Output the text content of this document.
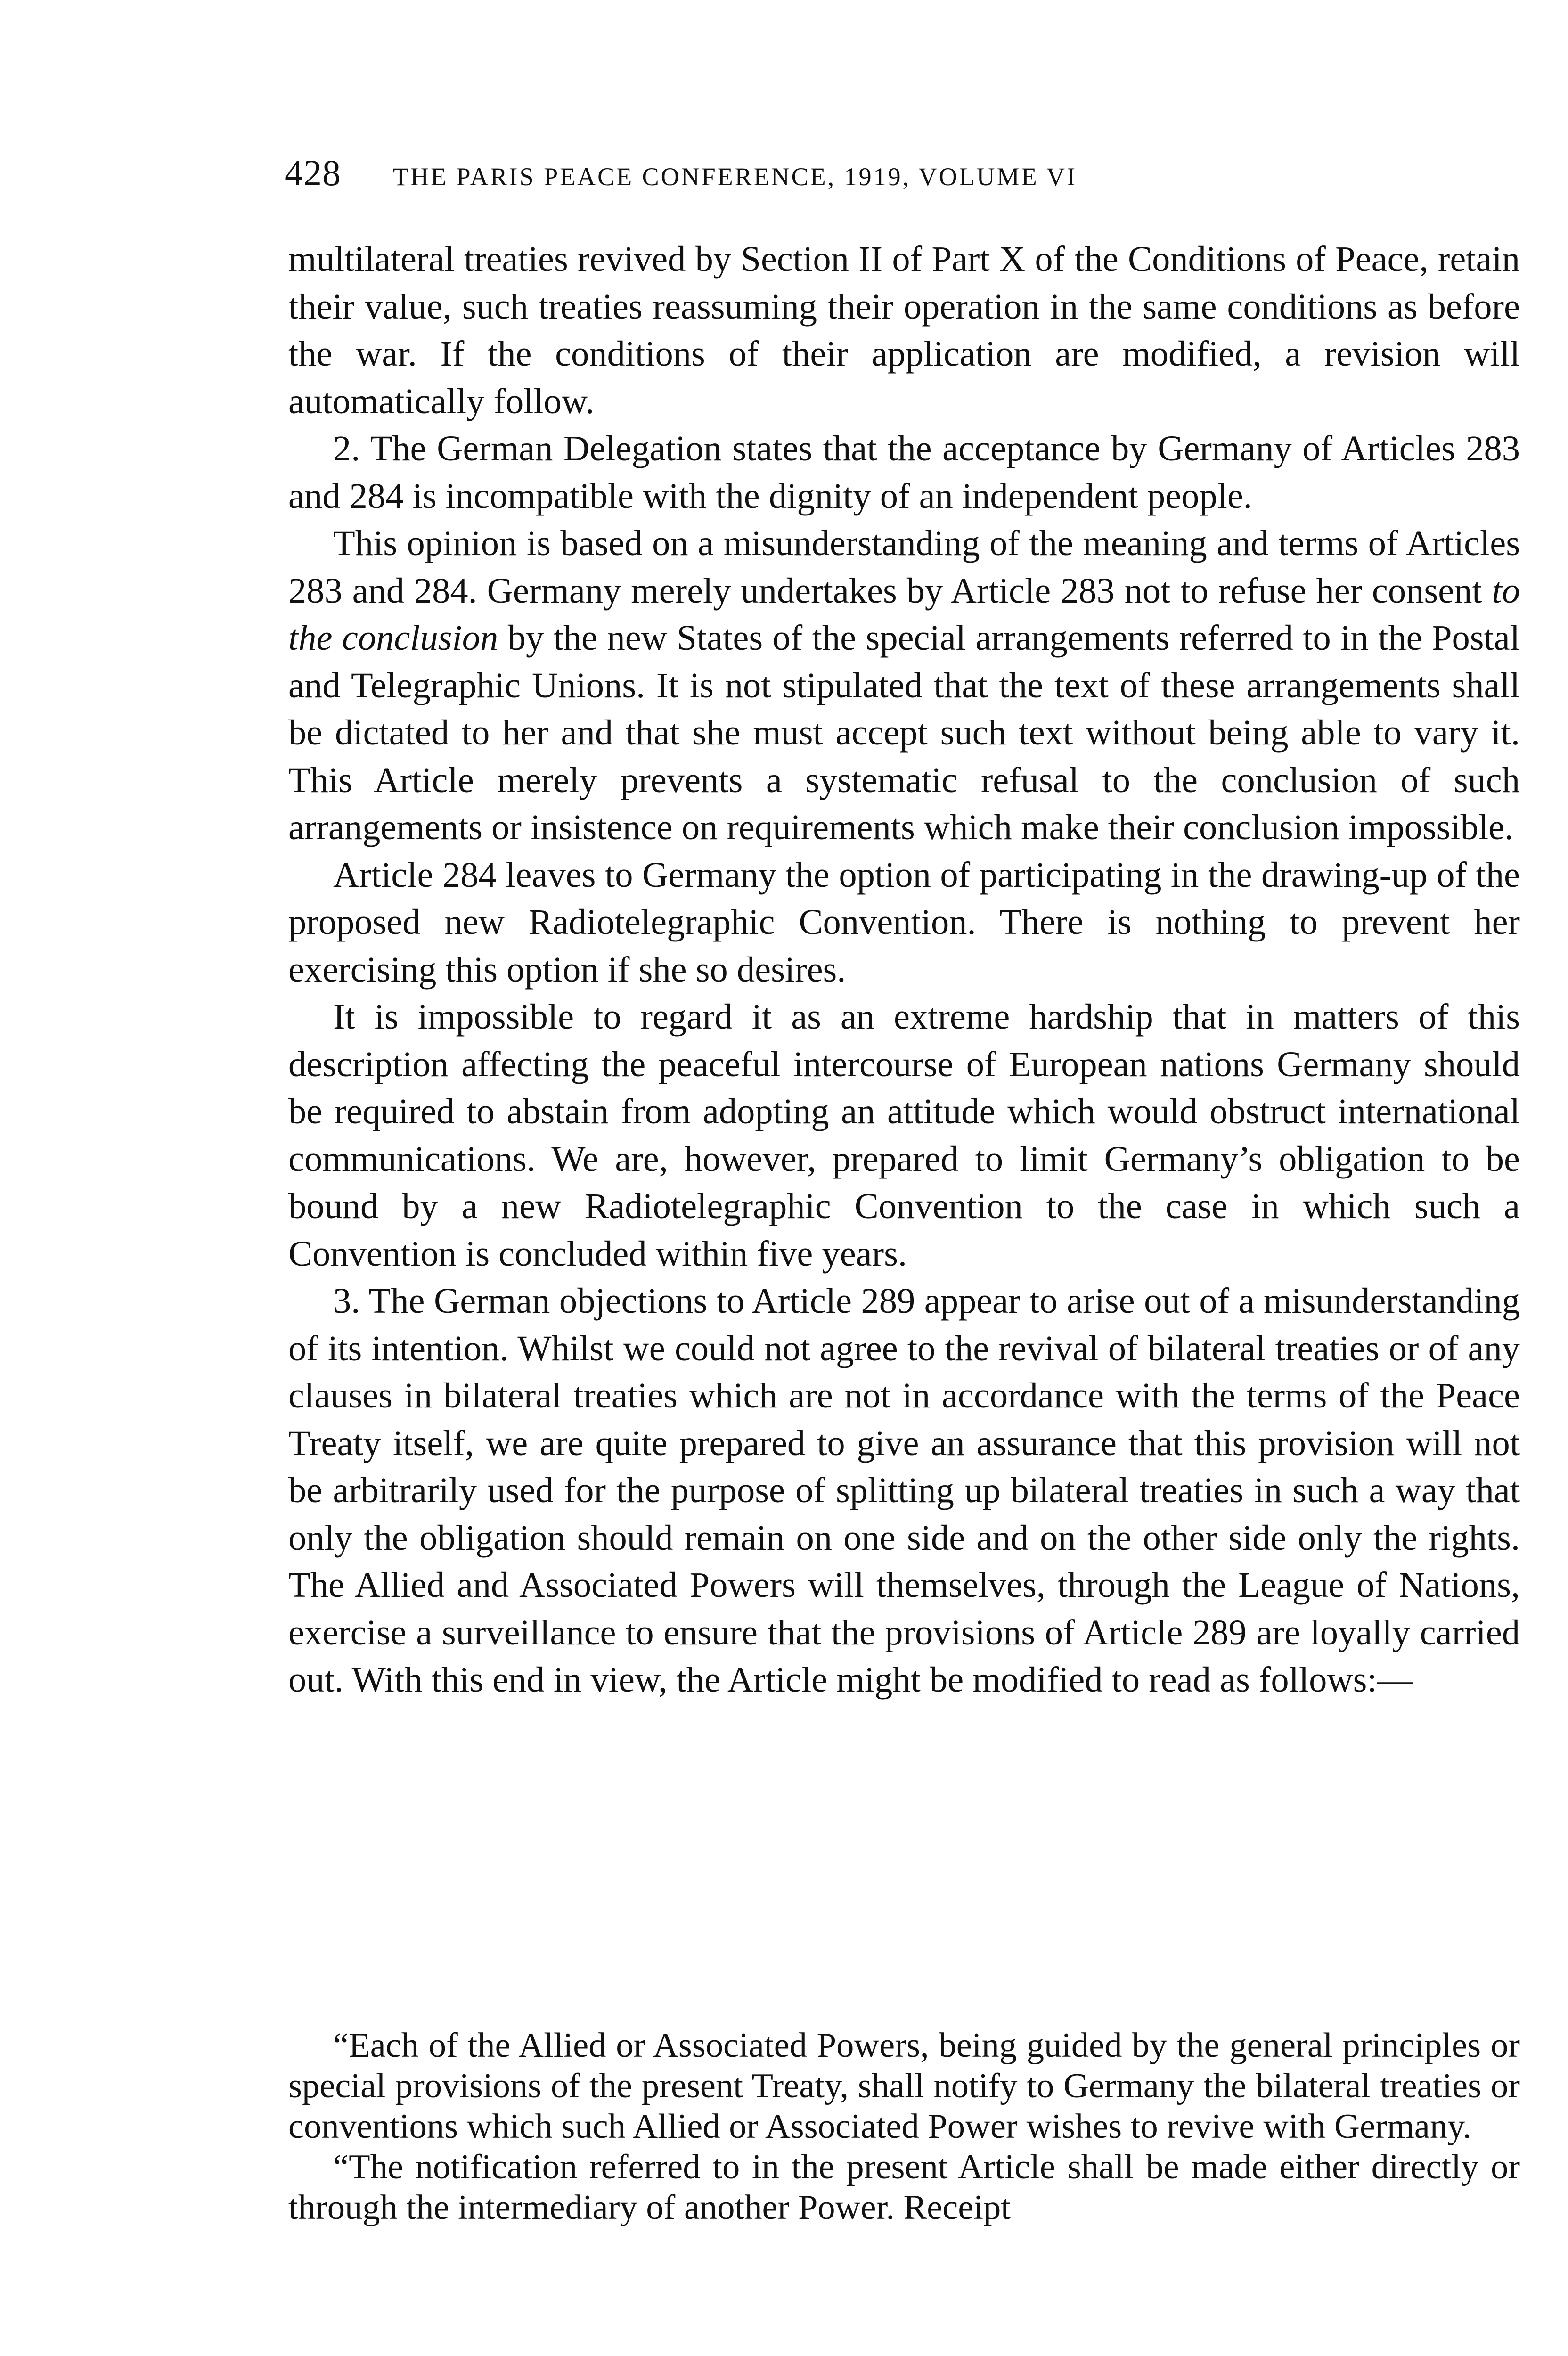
428 THE PARIS PEACE CONFERENCE, 1919, VOLUME VI

multilateral treaties revived by Section II of Part X of the Conditions of Peace, retain their value, such treaties reassuming their operation in the same conditions as before the war. If the conditions of their application are modified, a revision will automatically follow.

2. The German Delegation states that the acceptance by Germany of Articles 283 and 284 is incompatible with the dignity of an independent people.

This opinion is based on a misunderstanding of the meaning and terms of Articles 283 and 284. Germany merely undertakes by Article 283 not to refuse her consent to the conclusion by the new States of the special arrangements referred to in the Postal and Telegraphic Unions. It is not stipulated that the text of these arrangements shall be dictated to her and that she must accept such text without being able to vary it. This Article merely prevents a systematic refusal to the conclusion of such arrangements or insistence on requirements which make their conclusion impossible.

Article 284 leaves to Germany the option of participating in the drawing-up of the proposed new Radiotelegraphic Convention. There is nothing to prevent her exercising this option if she so desires.

It is impossible to regard it as an extreme hardship that in matters of this description affecting the peaceful intercourse of European nations Germany should be required to abstain from adopting an attitude which would obstruct international communications. We are, however, prepared to limit Germany’s obligation to be bound by a new Radiotelegraphic Convention to the case in which such a Convention is concluded within five years.

3. The German objections to Article 289 appear to arise out of a misunderstanding of its intention. Whilst we could not agree to the revival of bilateral treaties or of any clauses in bilateral treaties which are not in accordance with the terms of the Peace Treaty itself, we are quite prepared to give an assurance that this provision will not be arbitrarily used for the purpose of splitting up bilateral treaties in such a way that only the obligation should remain on one side and on the other side only the rights. The Allied and Associated Powers will themselves, through the League of Nations, exercise a surveillance to ensure that the provisions of Article 289 are loyally carried out. With this end in view, the Article might be modified to read as follows:—

“Each of the Allied or Associated Powers, being guided by the general principles or special provisions of the present Treaty, shall notify to Germany the bilateral treaties or conventions which such Allied or Associated Power wishes to revive with Germany.

“The notification referred to in the present Article shall be made either directly or through the intermediary of another Power. Receipt
